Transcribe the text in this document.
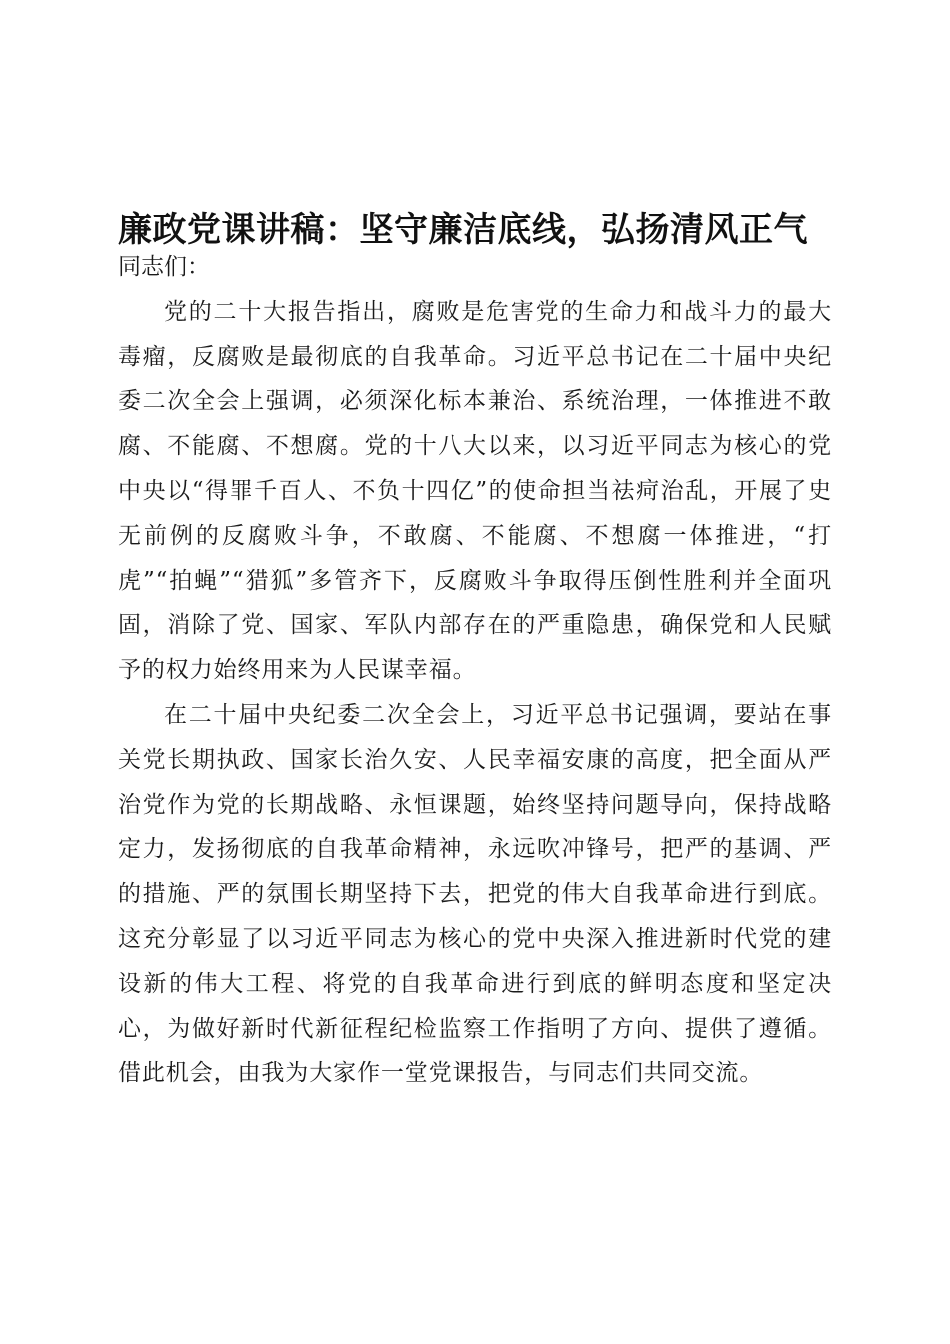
廉政党课讲稿：坚守廉洁底线，弘扬清风正气

同志们：

党的二十大报告指出，腐败是危害党的生命力和战斗力的最大毒瘤，反腐败是最彻底的自我革命。习近平总书记在二十届中央纪委二次全会上强调，必须深化标本兼治、系统治理，一体推进不敢腐、不能腐、不想腐。党的十八大以来，以习近平同志为核心的党中央以“得罪千百人、不负十四亿”的使命担当祛疴治乱，开展了史无前例的反腐败斗争，不敢腐、不能腐、不想腐一体推进，“打虎”“拍蝇”“猎狐”多管齐下，反腐败斗争取得压倒性胜利并全面巩固，消除了党、国家、军队内部存在的严重隐患，确保党和人民赋予的权力始终用来为人民谋幸福。

在二十届中央纪委二次全会上，习近平总书记强调，要站在事关党长期执政、国家长治久安、人民幸福安康的高度，把全面从严治党作为党的长期战略、永恒课题，始终坚持问题导向，保持战略定力，发扬彻底的自我革命精神，永远吹冲锋号，把严的基调、严的措施、严的氛围长期坚持下去，把党的伟大自我革命进行到底。这充分彰显了以习近平同志为核心的党中央深入推进新时代党的建设新的伟大工程、将党的自我革命进行到底的鲜明态度和坚定决心，为做好新时代新征程纪检监察工作指明了方向、提供了遵循。借此机会，由我为大家作一堂党课报告，与同志们共同交流。
